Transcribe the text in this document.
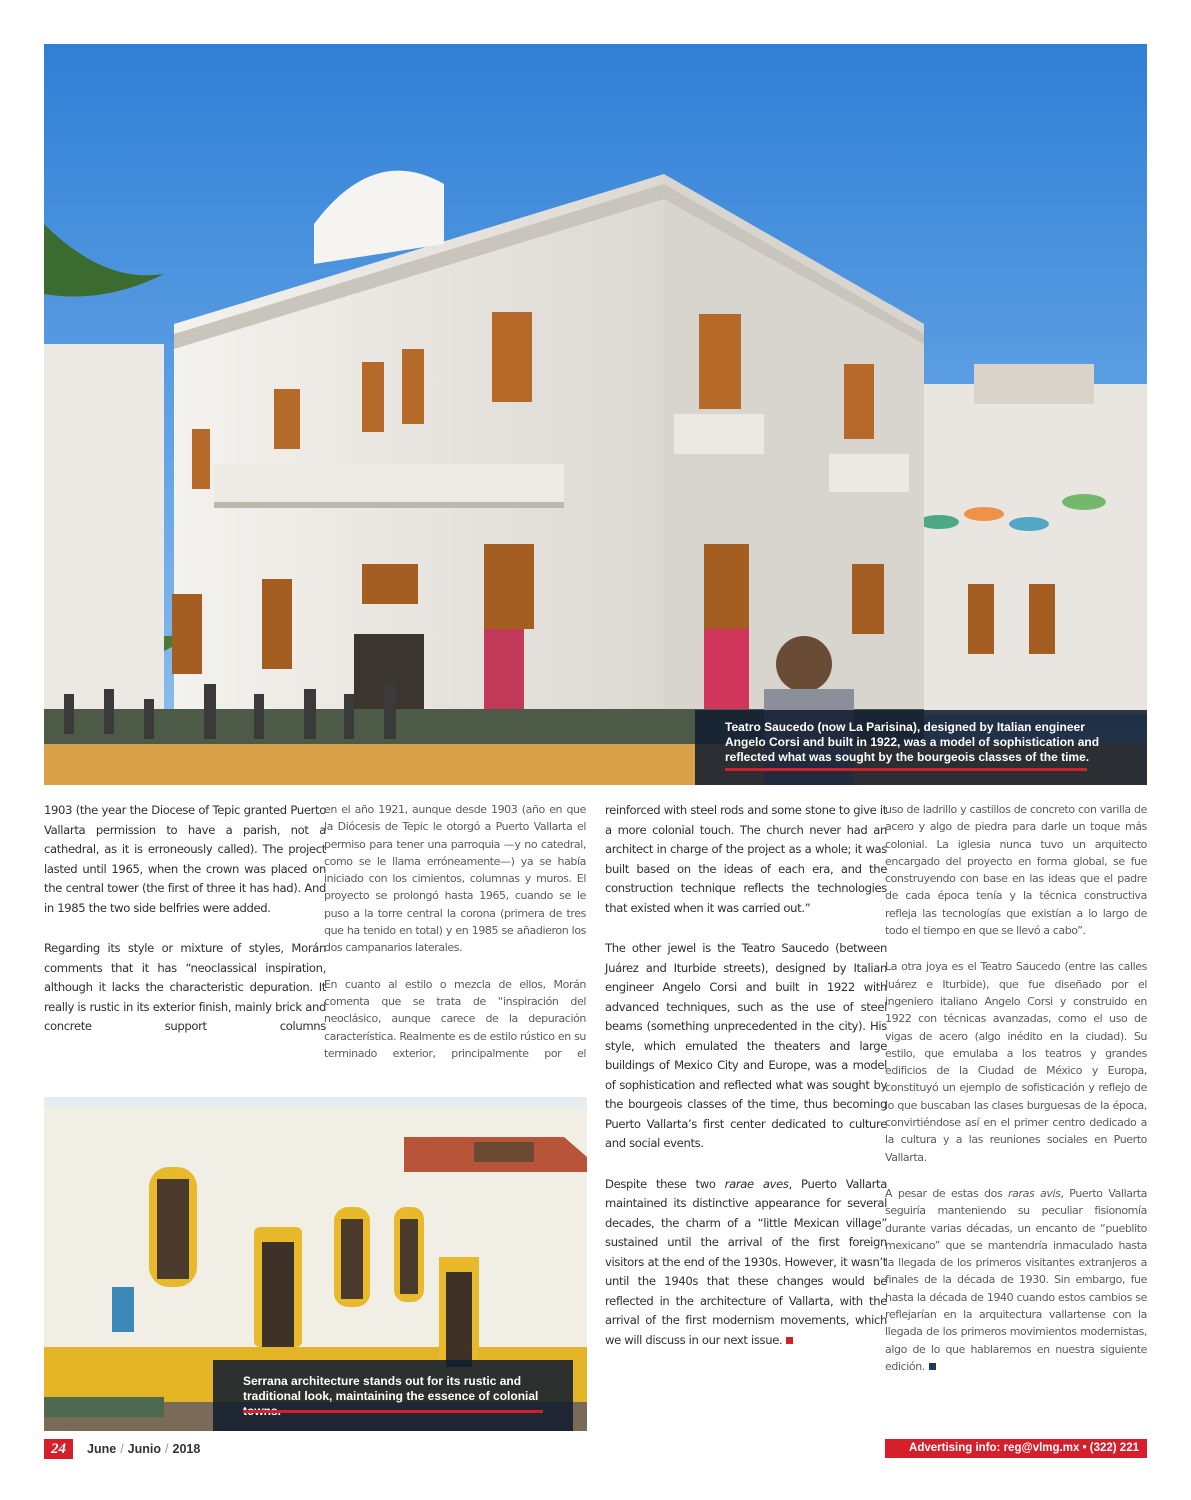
Teatro Saucedo (now La Parisina), designed by Italian engineer Angelo Corsi and built in 1922, was a model of sophistication and reflected what was sought by the bourgeois classes of the time.

1903 (the year the Diocese of Tepic granted Puerto Vallarta permission to have a parish, not a cathedral, as it is erroneously called). The project lasted until 1965, when the crown was placed on the central tower (the first of three it has had). And in 1985 the two side belfries were added.

Regarding its style or mixture of styles, Morán comments that it has “neoclassical inspiration, although it lacks the characteristic depuration. It really is rustic in its exterior finish, mainly brick and concrete support columns

en el año 1921, aunque desde 1903 (año en que la Diócesis de Tepic le otorgó a Puerto Vallarta el permiso para tener una parroquia —y no catedral, como se le llama erróneamente—) ya se había iniciado con los cimientos, columnas y muros. El proyecto se prolongó hasta 1965, cuando se le puso a la torre central la corona (primera de tres que ha tenido en total) y en 1985 se añadieron los dos campanarios laterales.

En cuanto al estilo o mezcla de ellos, Morán comenta que se trata de “inspiración del neoclásico, aunque carece de la depuración característica. Realmente es de estilo rústico en su terminado exterior, principalmente por el

Serrana architecture stands out for its rustic and traditional look, maintaining the essence of colonial

reinforced with steel rods and some stone to give it a more colonial touch. The church never had an architect in charge of the project as a whole; it was built based on the ideas of each era, and the construction technique reflects the technologies that existed when it was carried out.”

The other jewel is the Teatro Saucedo (between Juárez and Iturbide streets), designed by Italian engineer Angelo Corsi and built in 1922 with advanced techniques, such as the use of steel beams (something unprecedented in the city). His style, which emulated the theaters and large buildings of Mexico City and Europe, was a model of sophistication and reflected what was sought by the bourgeois classes of the time, thus becoming Puerto Vallarta’s first center dedicated to culture and social events.

Despite these two rarae aves, Puerto Vallarta maintained its distinctive appearance for several decades, the charm of a “little Mexican village” sustained until the arrival of the first foreign visitors at the end of the 1930s. However, it wasn’t until the 1940s that these changes would be reflected in the architecture of Vallarta, with the arrival of the first modernism movements, which we will discuss in our next issue.

uso de ladrillo y castillos de concreto con varilla de acero y algo de piedra para darle un toque más colonial. La iglesia nunca tuvo un arquitecto encargado del proyecto en forma global, se fue construyendo con base en las ideas que el padre de cada época tenía y la técnica constructiva refleja las tecnologías que existían a lo largo de todo el tiempo en que se llevó a cabo”.

La otra joya es el Teatro Saucedo (entre las calles Juárez e Iturbide), que fue diseñado por el ingeniero italiano Angelo Corsi y construido en 1922 con técnicas avanzadas, como el uso de vigas de acero (algo inédito en la ciudad). Su estilo, que emulaba a los teatros y grandes edificios de la Ciudad de México y Europa, constituyó un ejemplo de sofisticación y reflejo de lo que buscaban las clases burguesas de la época, convirtiéndose así en el primer centro dedicado a la cultura y a las reuniones sociales en Puerto Vallarta.

A pesar de estas dos raras avis, Puerto Vallarta seguiría manteniendo su peculiar fisionomía durante varias décadas, un encanto de “pueblito mexicano” que se mantendría inmaculado hasta la llegada de los primeros visitantes extranjeros a finales de la década de 1930. Sin embargo, fue hasta la década de 1940 cuando estos cambios se reflejarían en la arquitectura vallartense con la llegada de los primeros movimientos modernistas, algo de lo que hablaremos en nuestra siguiente edición.

24	June / Junio / 2018	Advertising info: reg@vlmg.mx • (322) 221 0106
